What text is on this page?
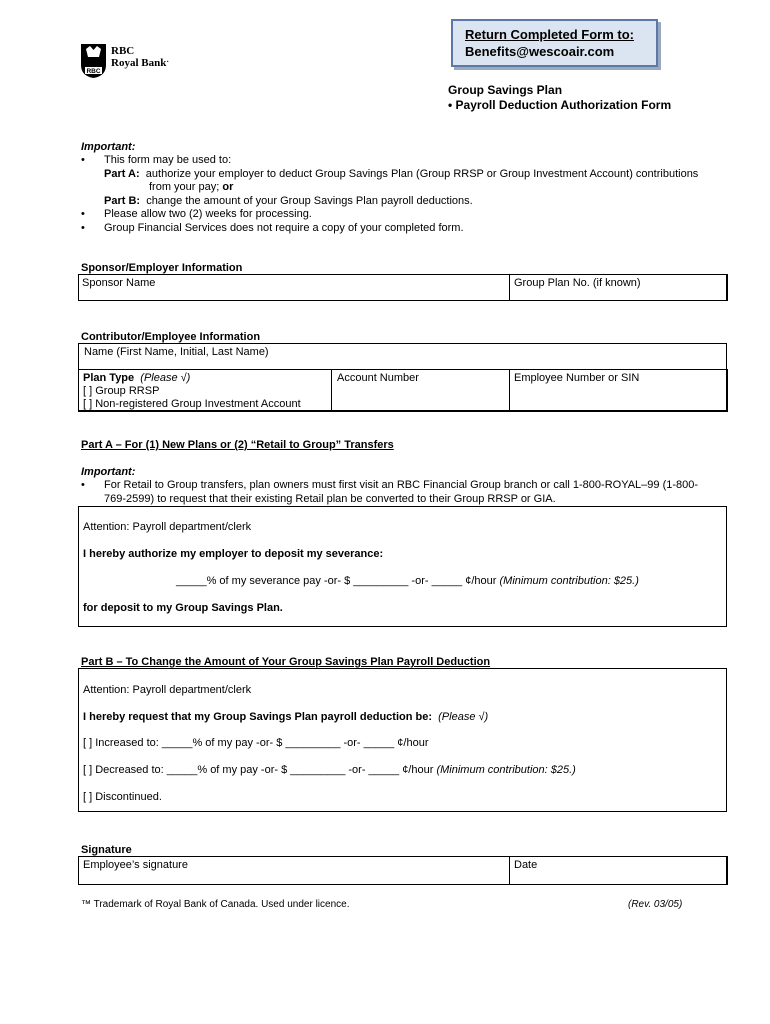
Return Completed Form to:
Benefits@wescoair.com
RBC
RBC
Royal Bank·
Group Savings Plan
• Payroll Deduction Authorization Form
Important:
• This form may be used to:
Part A: authorize your employer to deduct Group Savings Plan (Group RRSP or Group Investment Account) contributions
from your pay; or
Part B: change the amount of your Group Savings Plan payroll deductions.
• Please allow two (2) weeks for processing.
• Group Financial Services does not require a copy of your completed form.
Sponsor/Employer Information
Sponsor Name	Group Plan No. (if known)
Contributor/Employee Information
Name (First Name, Initial, Last Name)
Plan Type (Please √)
[ ] Group RRSP
[ ] Non-registered Group Investment Account
Account Number	Employee Number or SIN
Part A – For (1) New Plans or (2) “Retail to Group” Transfers
Important:
• For Retail to Group transfers, plan owners must first visit an RBC Financial Group branch or call 1-800-ROYAL–99 (1-800-
769-2599) to request that their existing Retail plan be converted to their Group RRSP or GIA.
Attention: Payroll department/clerk
I hereby authorize my employer to deposit my severance:
_____% of my severance pay -or- $ _________ -or- _____ ¢/hour (Minimum contribution: $25.)
for deposit to my Group Savings Plan.
Part B – To Change the Amount of Your Group Savings Plan Payroll Deduction
Attention: Payroll department/clerk
I hereby request that my Group Savings Plan payroll deduction be: (Please √)
[ ] Increased to: _____% of my pay -or- $ _________ -or- _____ ¢/hour
[ ] Decreased to: _____% of my pay -or- $ _________ -or- _____ ¢/hour (Minimum contribution: $25.)
[ ] Discontinued.
Signature
Employee’s signature	Date
™ Trademark of Royal Bank of Canada. Used under licence.	(Rev. 03/05)
